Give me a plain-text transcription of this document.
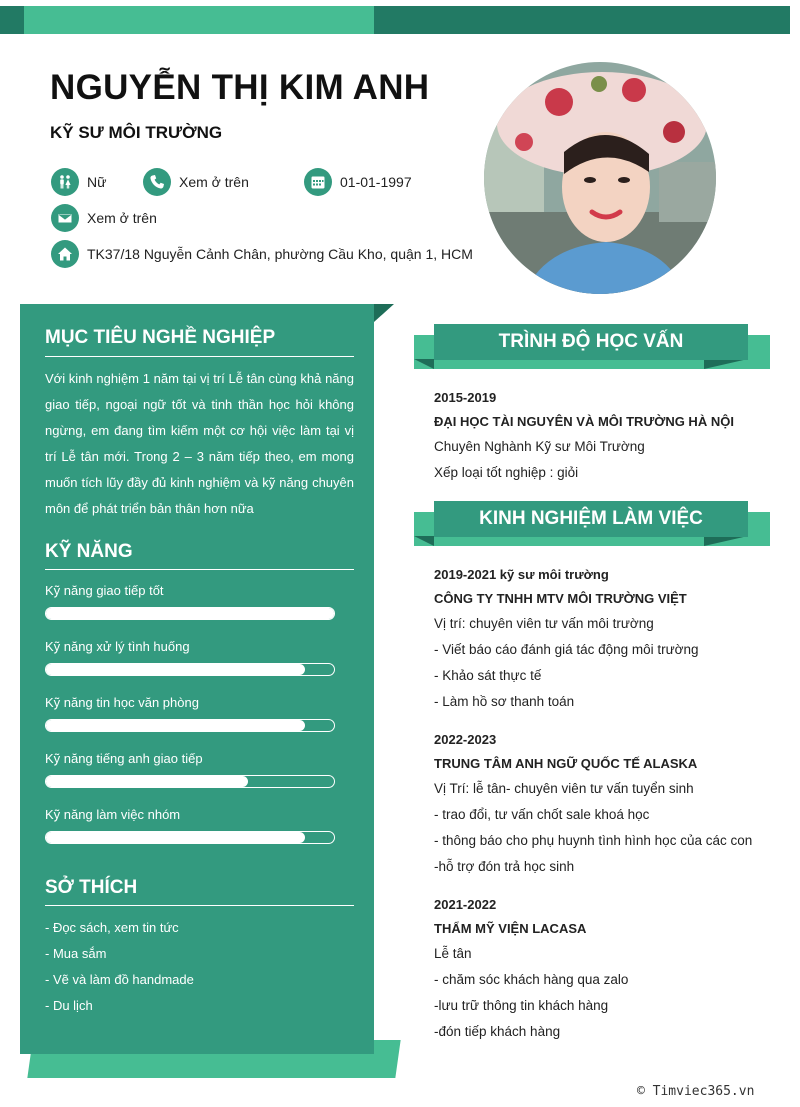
NGUYỄN THỊ KIM ANH
KỸ SƯ MÔI TRƯỜNG
Nữ	Xem ở trên	01-01-1997
Xem ở trên
TK37/18 Nguyễn Cảnh Chân, phường Cầu Kho, quận 1, HCM
MỤC TIÊU NGHỀ NGHIỆP

Với kinh nghiệm 1 năm tại vị trí Lễ tân cùng khả năng giao tiếp, ngoại ngữ tốt và tinh thần học hỏi không ngừng, em đang tìm kiếm một cơ hội việc làm tại vị trí Lễ tân mới. Trong 2 – 3 năm tiếp theo, em mong muốn tích lũy đầy đủ kinh nghiệm và kỹ năng chuyên môn để phát triển bản thân hơn nữa

KỸ NĂNG
Kỹ năng giao tiếp tốt
Kỹ năng xử lý tình huống
Kỹ năng tin học văn phòng
Kỹ năng tiếng anh giao tiếp
Kỹ năng làm việc nhóm
SỞ THÍCH
- Đọc sách, xem tin tức
- Mua sắm
- Vẽ và làm đồ handmade
- Du lịch
TRÌNH ĐỘ HỌC VẤN
2015-2019
ĐẠI HỌC TÀI NGUYÊN VÀ MÔI TRƯỜNG HÀ NỘI
Chuyên Nghành Kỹ sư Môi Trường
Xếp loại tốt nghiệp : giỏi
KINH NGHIỆM LÀM VIỆC
2019-2021 kỹ sư môi trường
CÔNG TY TNHH MTV MÔI TRƯỜNG VIỆT
Vị trí: chuyên viên tư vấn môi trường
- Viết báo cáo đánh giá tác động môi trường
- Khảo sát thực tế
- Làm hồ sơ thanh toán
2022-2023
TRUNG TÂM ANH NGỮ QUỐC TẾ ALASKA
Vị Trí: lễ tân- chuyên viên tư vấn tuyển sinh
- trao đổi, tư vấn chốt sale khoá học
- thông báo cho phụ huynh tình hình học của các con
-hỗ trợ đón trả học sinh
2021-2022
THẨM MỸ VIỆN LACASA
Lễ tân
- chăm sóc khách hàng qua zalo
-lưu trữ thông tin khách hàng
-đón tiếp khách hàng
© Timviec365.vn
